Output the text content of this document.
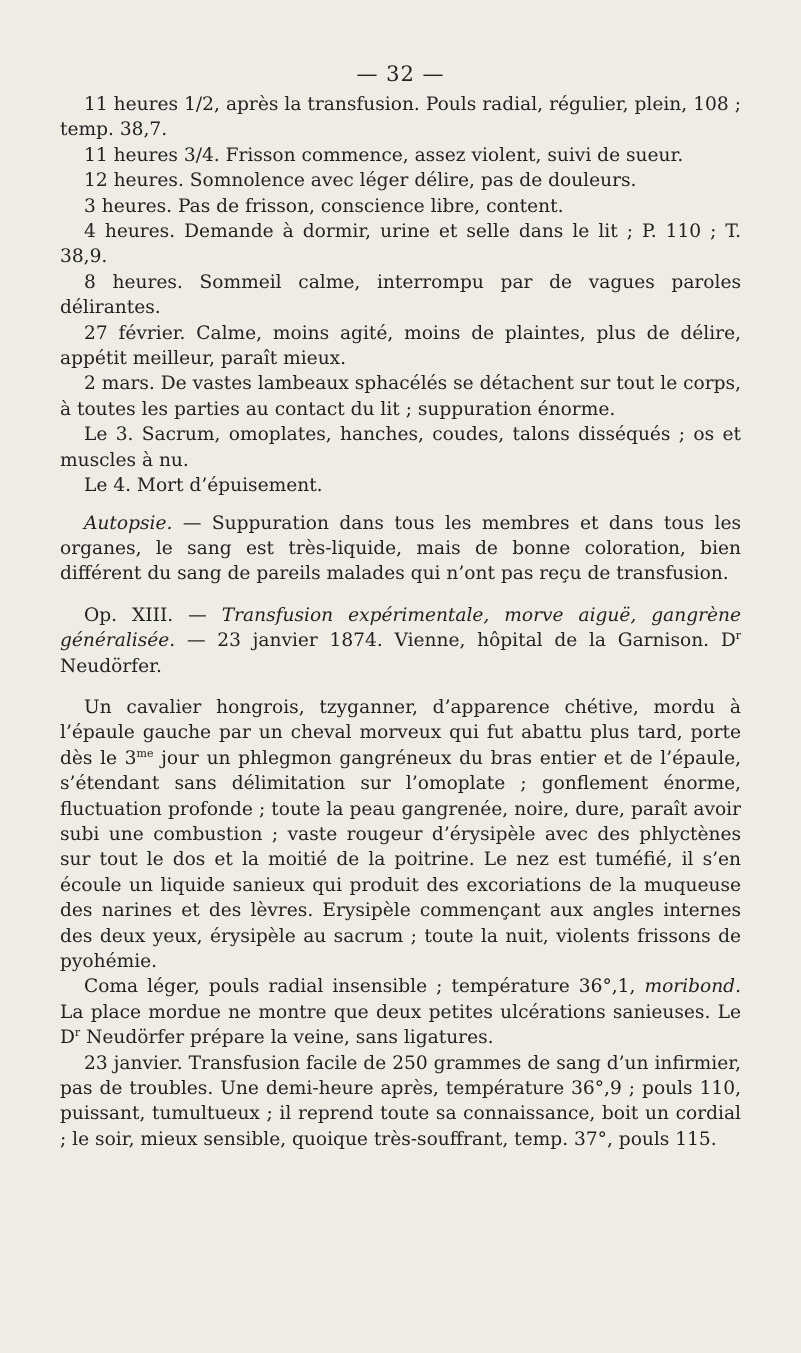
— 32 —

11 heures 1/2, après la transfusion. Pouls radial, régulier, plein, 108 ; temp. 38,7.

11 heures 3/4. Frisson commence, assez violent, suivi de sueur.

12 heures. Somnolence avec léger délire, pas de douleurs.

3 heures. Pas de frisson, conscience libre, content.

4 heures. Demande à dormir, urine et selle dans le lit ; P. 110 ; T. 38,9.

8 heures. Sommeil calme, interrompu par de vagues paroles délirantes.

27 février. Calme, moins agité, moins de plaintes, plus de délire, appétit meilleur, paraît mieux.

2 mars. De vastes lambeaux sphacélés se détachent sur tout le corps, à toutes les parties au contact du lit ; suppuration énorme.

Le 3. Sacrum, omoplates, hanches, coudes, talons disséqués ; os et muscles à nu.

Le 4. Mort d’épuisement.

Autopsie. — Suppuration dans tous les membres et dans tous les organes, le sang est très-liquide, mais de bonne coloration, bien différent du sang de pareils malades qui n’ont pas reçu de transfusion.

Op. XIII. — Transfusion expérimentale, morve aiguë, gangrène généralisée. — 23 janvier 1874. Vienne, hôpital de la Garnison. $D^r$ Neudörfer.

Un cavalier hongrois, tzyganner, d’apparence chétive, mordu à l’épaule gauche par un cheval morveux qui fut abattu plus tard, porte dès le $3^{me}$ jour un phlegmon gangréneux du bras entier et de l’épaule, s’étendant sans délimitation sur l’omoplate ; gonflement énorme, fluctuation profonde ; toute la peau gangrenée, noire, dure, paraît avoir subi une combustion ; vaste rougeur d’érysipèle avec des phlyctènes sur tout le dos et la moitié de la poitrine. Le nez est tuméfié, il s’en écoule un liquide sanieux qui produit des excoriations de la muqueuse des narines et des lèvres. Erysipèle commençant aux angles internes des deux yeux, érysipèle au sacrum ; toute la nuit, violents frissons de pyohémie.

Coma léger, pouls radial insensible ; température 36°,1, moribond. La place mordue ne montre que deux petites ulcérations sanieuses. Le $D^r$ Neudörfer prépare la veine, sans ligatures.

23 janvier. Transfusion facile de 250 grammes de sang d’un infirmier, pas de troubles. Une demi-heure après, température 36°,9 ; pouls 110, puissant, tumultueux ; il reprend toute sa connaissance, boit un cordial ; le soir, mieux sensible, quoique très-souffrant, temp. 37°, pouls 115.
